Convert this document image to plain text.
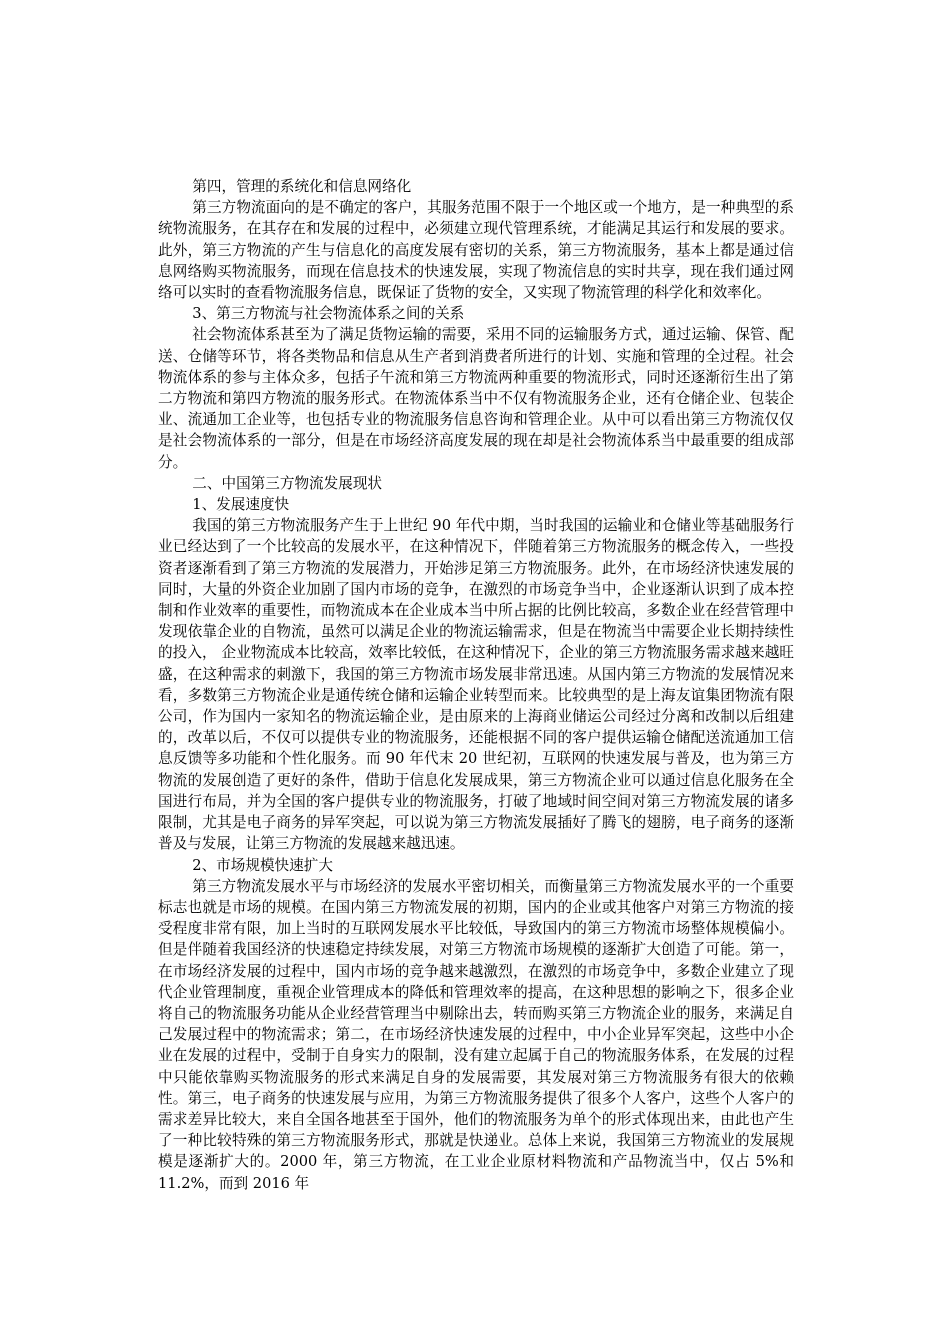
第四，管理的系统化和信息网络化

第三方物流面向的是不确定的客户，其服务范围不限于一个地区或一个地方，是一种典型的系统物流服务，在其存在和发展的过程中，必须建立现代管理系统，才能满足其运行和发展的要求。此外，第三方物流的产生与信息化的高度发展有密切的关系，第三方物流服务，基本上都是通过信息网络购买物流服务，而现在信息技术的快速发展，实现了物流信息的实时共享，现在我们通过网络可以实时的查看物流服务信息，既保证了货物的安全，又实现了物流管理的科学化和效率化。

3、第三方物流与社会物流体系之间的关系

社会物流体系甚至为了满足货物运输的需要，采用不同的运输服务方式，通过运输、保管、配送、仓储等环节，将各类物品和信息从生产者到消费者所进行的计划、实施和管理的全过程。社会物流体系的参与主体众多，包括子午流和第三方物流两种重要的物流形式，同时还逐渐衍生出了第二方物流和第四方物流的服务形式。在物流体系当中不仅有物流服务企业，还有仓储企业、包装企业、流通加工企业等，也包括专业的物流服务信息咨询和管理企业。从中可以看出第三方物流仅仅是社会物流体系的一部分，但是在市场经济高度发展的现在却是社会物流体系当中最重要的组成部分。

二、中国第三方物流发展现状

1、发展速度快

我国的第三方物流服务产生于上世纪 90 年代中期，当时我国的运输业和仓储业等基础服务行业已经达到了一个比较高的发展水平，在这种情况下，伴随着第三方物流服务的概念传入，一些投资者逐渐看到了第三方物流的发展潜力，开始涉足第三方物流服务。此外，在市场经济快速发展的同时，大量的外资企业加剧了国内市场的竞争，在激烈的市场竞争当中，企业逐渐认识到了成本控制和作业效率的重要性，而物流成本在企业成本当中所占据的比例比较高，多数企业在经营管理中发现依靠企业的自物流，虽然可以满足企业的物流运输需求，但是在物流当中需要企业长期持续性的投入， 企业物流成本比较高，效率比较低，在这种情况下，企业的第三方物流服务需求越来越旺盛，在这种需求的刺激下，我国的第三方物流市场发展非常迅速。从国内第三方物流的发展情况来看，多数第三方物流企业是通传统仓储和运输企业转型而来。比较典型的是上海友谊集团物流有限公司，作为国内一家知名的物流运输企业，是由原来的上海商业储运公司经过分离和改制以后组建的，改革以后，不仅可以提供专业的物流服务，还能根据不同的客户提供运输仓储配送流通加工信息反馈等多功能和个性化服务。而 90 年代末 20 世纪初，互联网的快速发展与普及，也为第三方物流的发展创造了更好的条件，借助于信息化发展成果，第三方物流企业可以通过信息化服务在全国进行布局，并为全国的客户提供专业的物流服务，打破了地域时间空间对第三方物流发展的诸多限制，尤其是电子商务的异军突起，可以说为第三方物流发展插好了腾飞的翅膀，电子商务的逐渐普及与发展，让第三方物流的发展越来越迅速。

2、市场规模快速扩大

第三方物流发展水平与市场经济的发展水平密切相关，而衡量第三方物流发展水平的一个重要标志也就是市场的规模。在国内第三方物流发展的初期，国内的企业或其他客户对第三方物流的接受程度非常有限，加上当时的互联网发展水平比较低，导致国内的第三方物流市场整体规模偏小。但是伴随着我国经济的快速稳定持续发展，对第三方物流市场规模的逐渐扩大创造了可能。第一，在市场经济发展的过程中，国内市场的竞争越来越激烈，在激烈的市场竞争中，多数企业建立了现代企业管理制度，重视企业管理成本的降低和管理效率的提高，在这种思想的影响之下，很多企业将自己的物流服务功能从企业经营管理当中剔除出去，转而购买第三方物流企业的服务，来满足自己发展过程中的物流需求；第二，在市场经济快速发展的过程中，中小企业异军突起，这些中小企业在发展的过程中，受制于自身实力的限制，没有建立起属于自己的物流服务体系，在发展的过程中只能依靠购买物流服务的形式来满足自身的发展需要，其发展对第三方物流服务有很大的依赖性。第三，电子商务的快速发展与应用，为第三方物流服务提供了很多个人客户，这些个人客户的需求差异比较大，来自全国各地甚至于国外，他们的物流服务为单个的形式体现出来，由此也产生了一种比较特殊的第三方物流服务形式，那就是快递业。总体上来说，我国第三方物流业的发展规模是逐渐扩大的。2000 年，第三方物流，在工业企业原材料物流和产品物流当中，仅占 5%和 11.2%，而到 2016 年
